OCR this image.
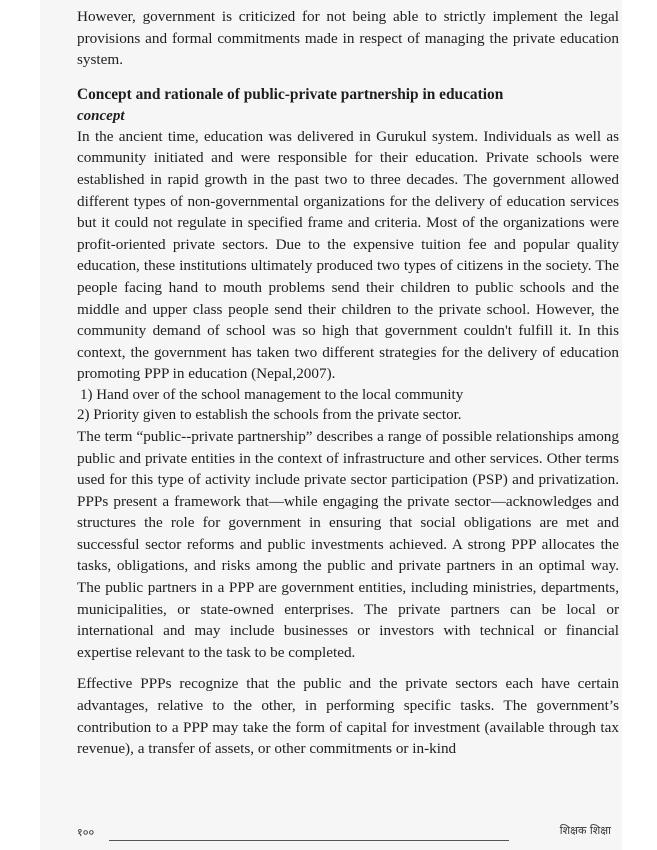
However, government is criticized for not being able to strictly implement the legal provisions and formal commitments made in respect of managing the private education system.

Concept and rationale of public-private partnership in education
concept

In the ancient time, education was delivered in Gurukul system. Individuals as well as community initiated and were responsible for their education. Private schools were established in rapid growth in the past two to three decades. The government allowed different types of non-governmental organizations for the delivery of education services but it could not regulate in specified frame and criteria. Most of the organizations were profit-oriented private sectors. Due to the expensive tuition fee and popular quality education, these institutions ultimately produced two types of citizens in the society. The people facing hand to mouth problems send their children to public schools and the middle and upper class people send their children to the private school. However, the community demand of school was so high that government couldn't fulfill it. In this context, the government has taken two different strategies for the delivery of education promoting PPP in education (Nepal,2007).

1) Hand over of the school management to the local community

2) Priority given to establish the schools from the private sector.

The term “public--private partnership” describes a range of possible relationships among public and private entities in the context of infrastructure and other services. Other terms used for this type of activity include private sector participation (PSP) and privatization. PPPs present a framework that—while engaging the private sector—acknowledges and structures the role for government in ensuring that social obligations are met and successful sector reforms and public investments achieved. A strong PPP allocates the tasks, obligations, and risks among the public and private partners in an optimal way. The public partners in a PPP are government entities, including ministries, departments, municipalities, or state-owned enterprises. The private partners can be local or international and may include businesses or investors with technical or financial expertise relevant to the task to be completed.

Effective PPPs recognize that the public and the private sectors each have certain advantages, relative to the other, in performing specific tasks. The government’s contribution to a PPP may take the form of capital for investment (available through tax revenue), a transfer of assets, or other commitments or in-kind

१००	शिक्षक शिक्षा
